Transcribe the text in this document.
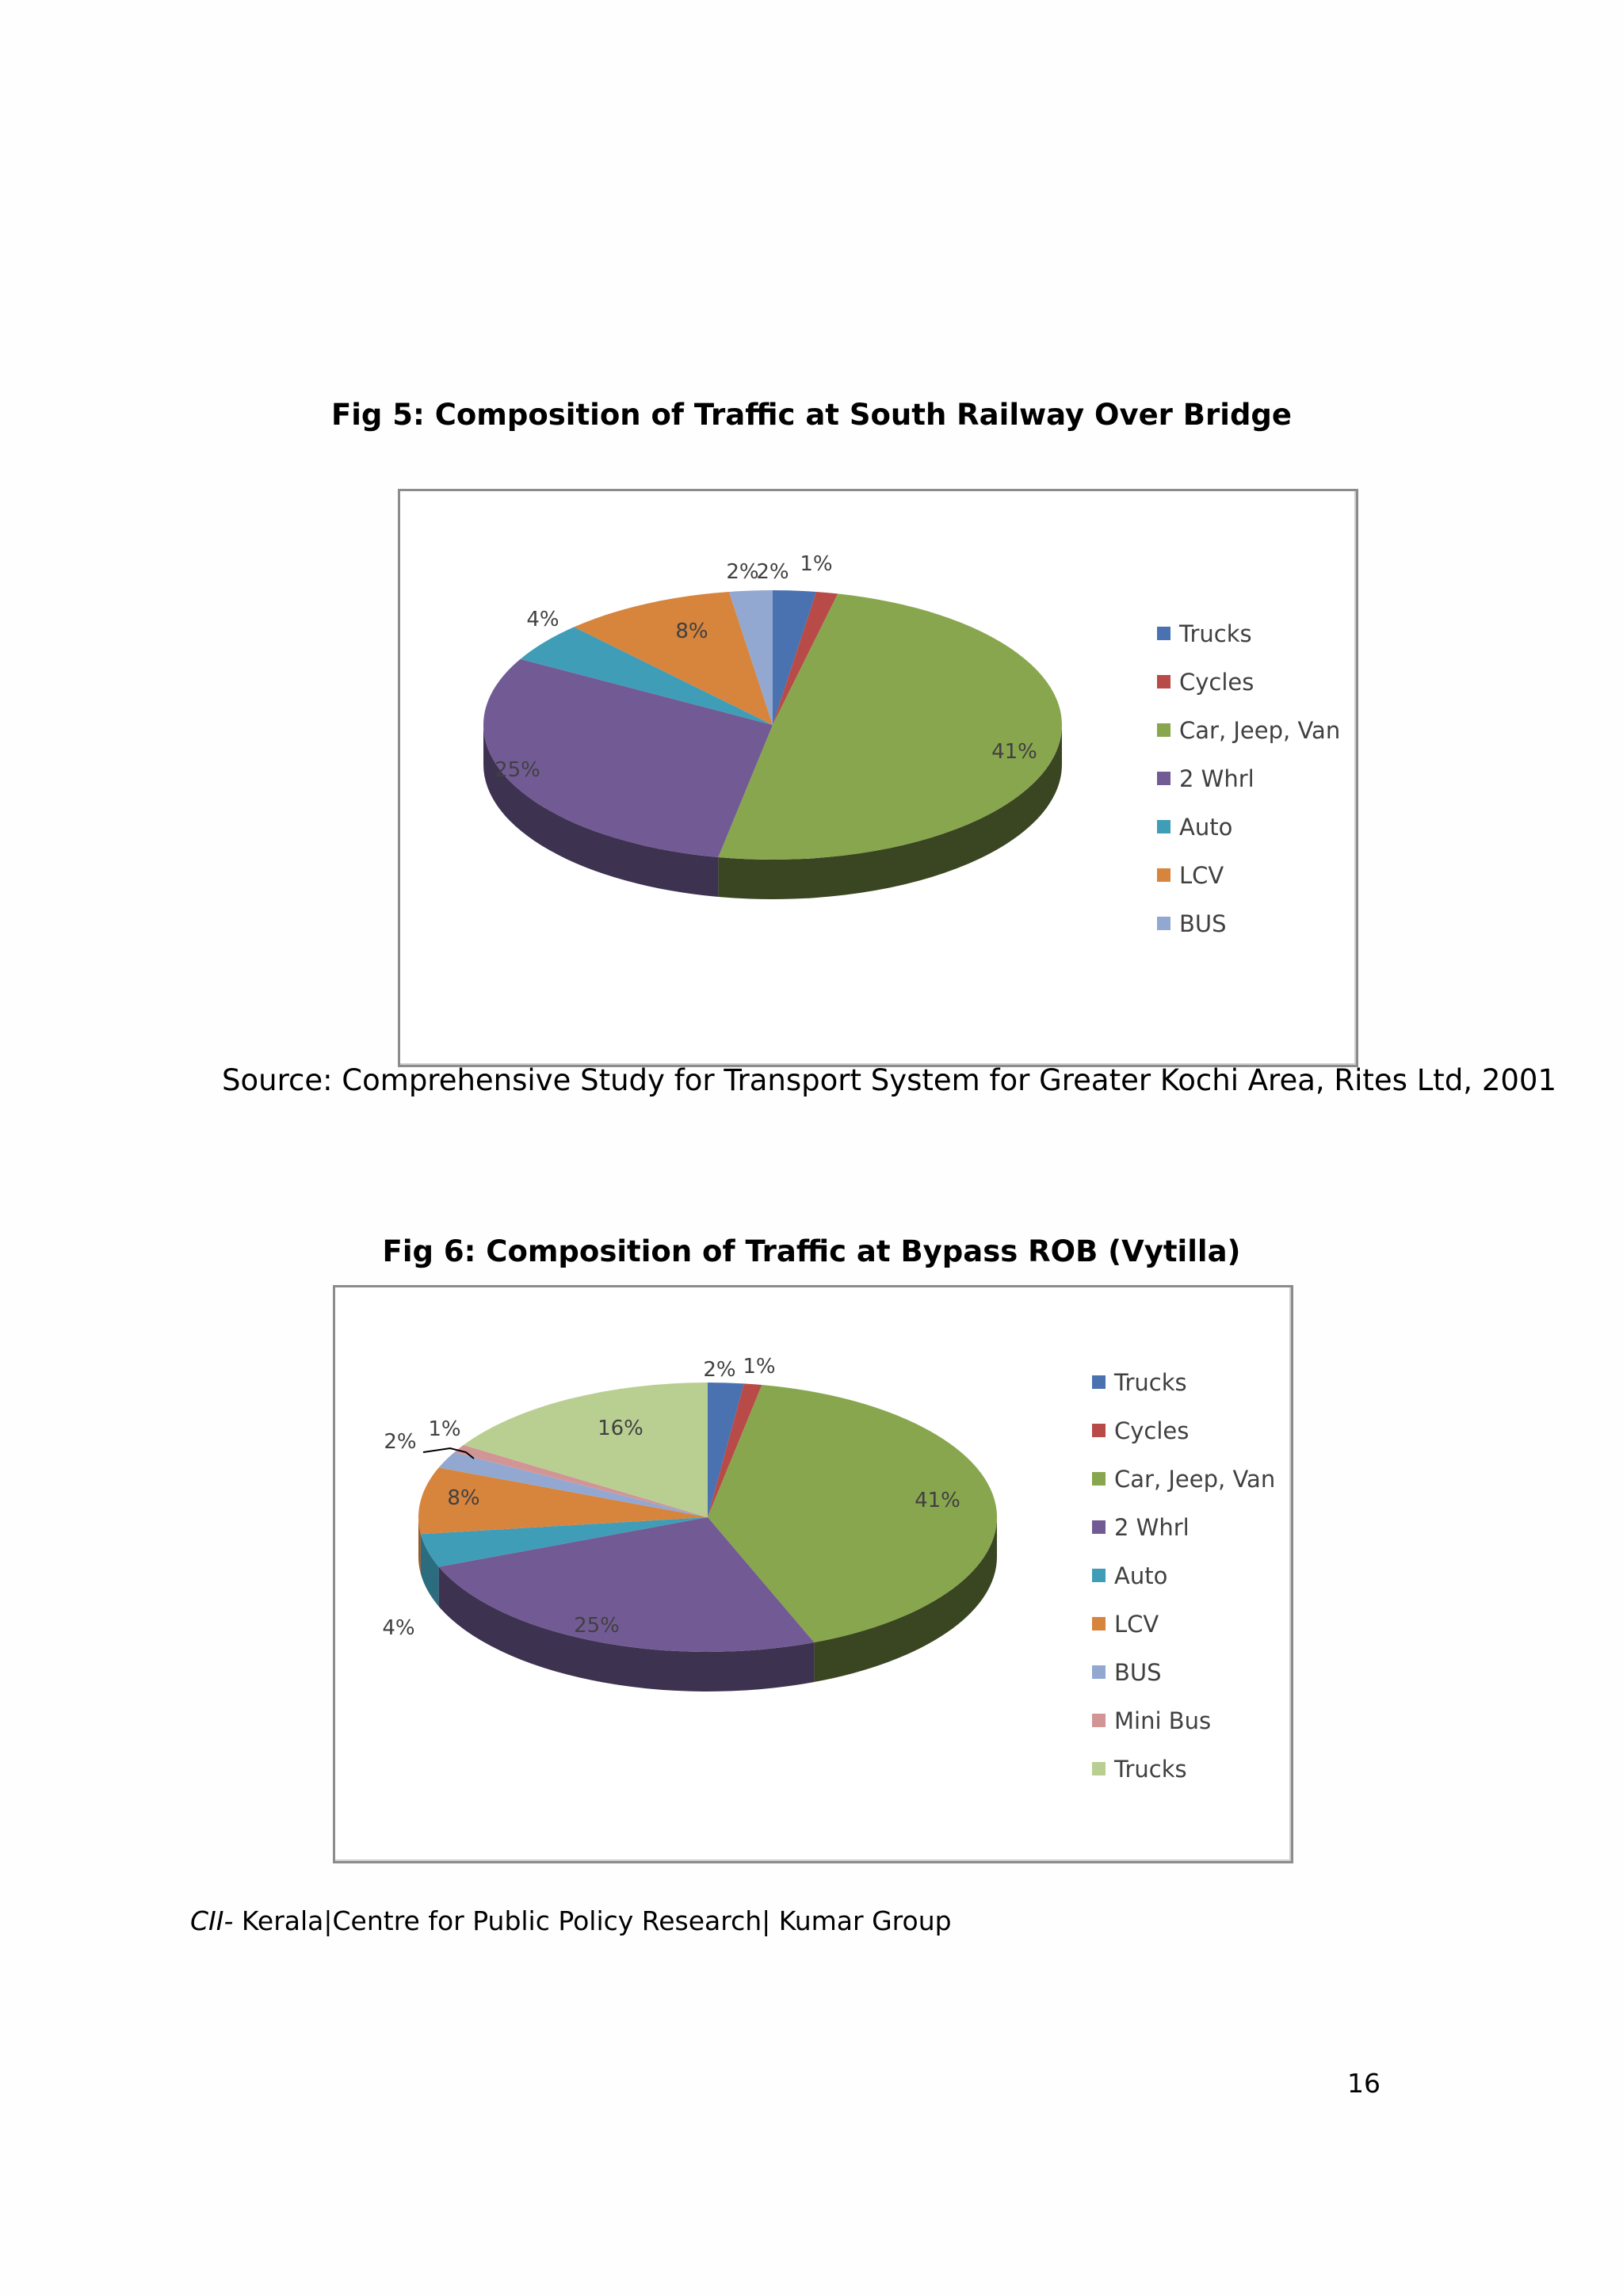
Fig 5: Composition of Traffic at South Railway Over Bridge
2% 1%
41%
25%
4%	8%
2%
Trucks
Cycles
Car, Jeep, Van
2 Whrl
Auto
LCV
BUS
Source: Comprehensive Study for Transport System for Greater Kochi Area, Rites Ltd, 2001
Fig 6: Composition of Traffic at Bypass ROB (Vytilla)
2% 1%
41%
25%
4%
8%
2%
1%	16%
Trucks
Cycles
Car, Jeep, Van
2 Whrl
Auto
LCV
BUS
Mini Bus
Trucks
CII- Kerala|Centre for Public Policy Research| Kumar Group
16
